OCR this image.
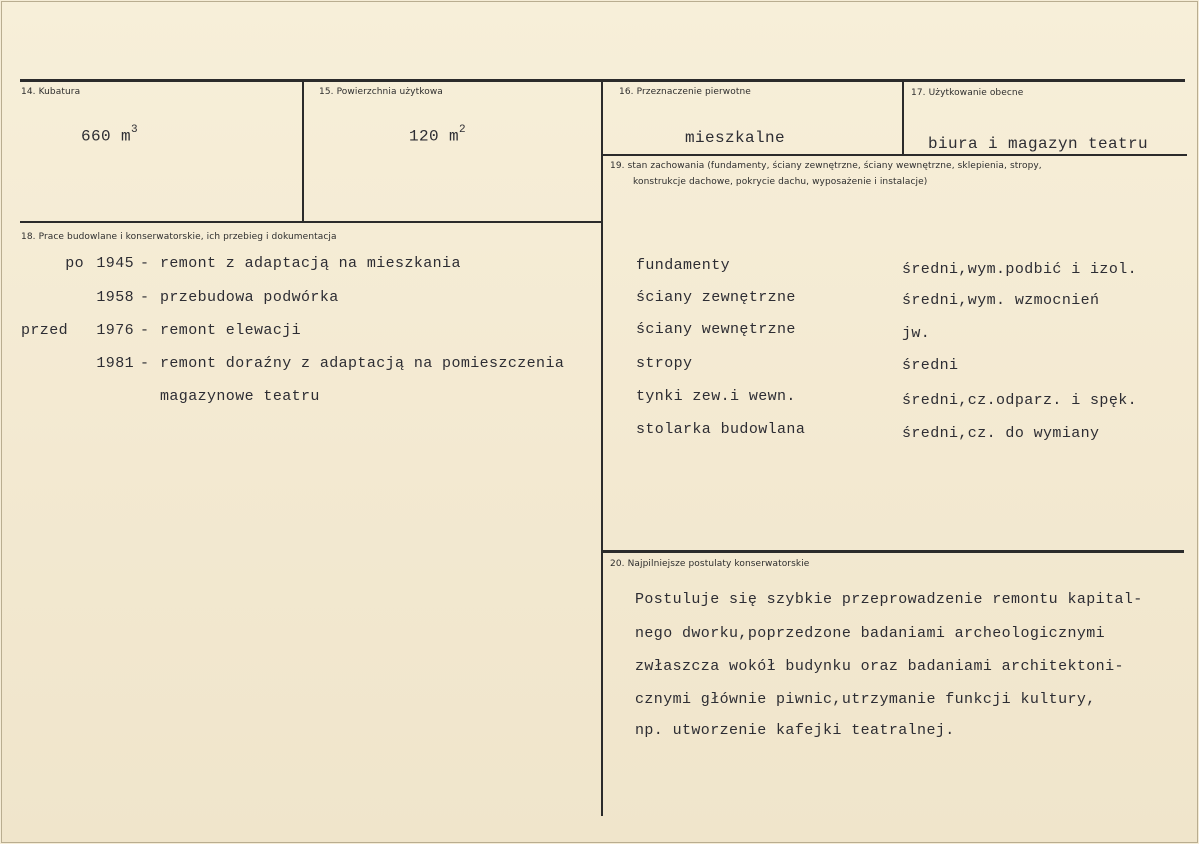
14. Kubatura
660 $m^3$
15. Powierzchnia użytkowa
120 $m^2$
16. Przeznaczenie pierwotne
mieszkalne
17. Użytkowanie obecne
biura i magazyn teatru
18. Prace budowlane i konserwatorskie, ich przebieg i dokumentacja
po 1945 - remont z adaptacją na mieszkania
1958 - przebudowa podwórka
przed	1976 - remont elewacji
1981 - remont doraźny z adaptacją na pomieszczenia
magazynowe teatru
19. stan zachowania (fundamenty, ściany zewnętrzne, ściany wewnętrzne, sklepienia, stropy,
konstrukcje dachowe, pokrycie dachu, wyposażenie i instalacje)
fundamenty	średni,wym.podbić i izol.
ściany zewnętrzne	średni,wym. wzmocnień
ściany wewnętrzne	jw.
stropy	średni
tynki zew.i wewn.	średni,cz.odparz. i spęk.
stolarka budowlana	średni,cz. do wymiany
20. Najpilniejsze postulaty konserwatorskie
Postuluje się szybkie przeprowadzenie remontu kapital-
nego dworku,poprzedzone badaniami archeologicznymi
zwłaszcza wokół budynku oraz badaniami architektoni-
cznymi głównie piwnic,utrzymanie funkcji kultury,
np. utworzenie kafejki teatralnej.
